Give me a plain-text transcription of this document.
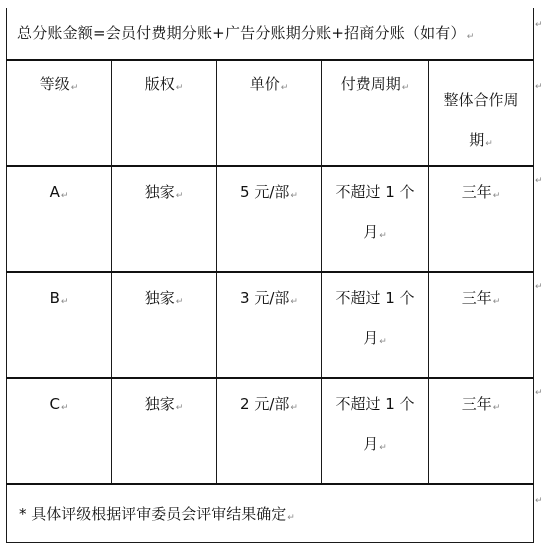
总分账金额=会员付费期分账+广告分账期分账+招商分账（如有）↵				
等级↵	版权↵	单价↵	付费周期↵	整体合作周
期↵

A↵	独家↵	5 元/部↵	不超过 1 个
月↵	三年↵
B↵	独家↵	3 元/部↵	不超过 1 个
月↵	三年↵
C↵	独家↵	2 元/部↵	不超过 1 个
月↵	三年↵
* 具体评级根据评审委员会评审结果确定↵				
↵
↵
↵
↵
↵
↵
